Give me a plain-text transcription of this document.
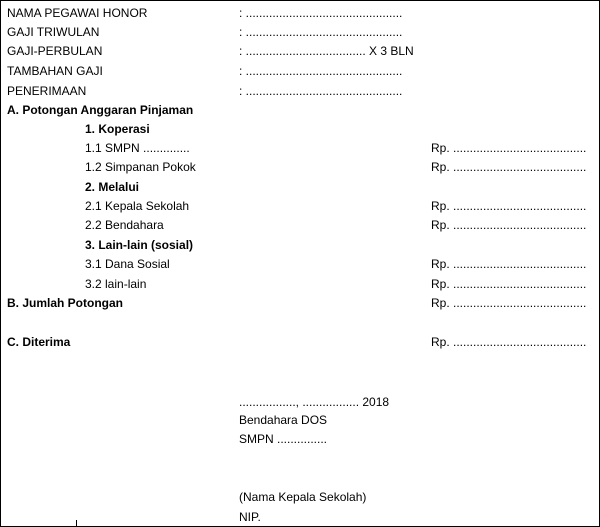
NAMA PEGAWAI HONOR	: ...............................................
GAJI TRIWULAN	: ...............................................
GAJI-PERBULAN	: .................................... X 3 BLN
TAMBAHAN GAJI	: ...............................................
PENERIMAAN	: ...............................................
A. Potongan Anggaran Pinjaman
1. Koperasi
1.1 SMPN ..............	Rp. ........................................
1.2 Simpanan Pokok	Rp. ........................................
2. Melalui
2.1 Kepala Sekolah	Rp. ........................................
2.2 Bendahara	Rp. ........................................
3. Lain-lain (sosial)
3.1 Dana Sosial	Rp. ........................................
3.2 lain-lain	Rp. ........................................
B. Jumlah Potongan	Rp. ........................................
C. Diterima	Rp. ........................................
................., ................. 2018
Bendahara DOS
SMPN ...............
(Nama Kepala Sekolah)
NIP.
